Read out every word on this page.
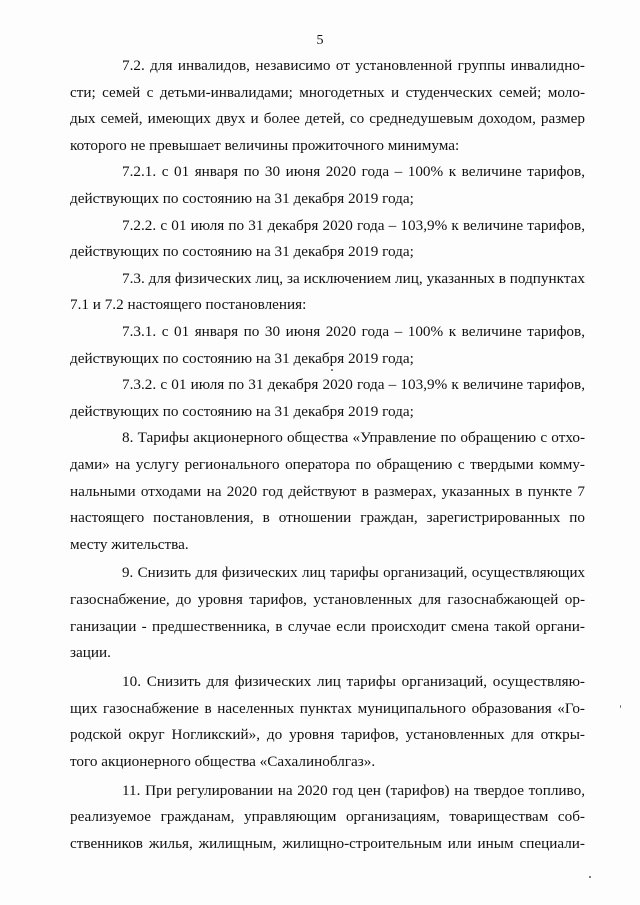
5
7.2. для инвалидов, независимо от установленной группы инвалидно-
сти; семей с детьми-инвалидами; многодетных и студенческих семей; моло-
дых семей, имеющих двух и более детей, со среднедушевым доходом, размер
которого не превышает величины прожиточного минимума:
7.2.1. с 01 января по 30 июня 2020 года – 100% к величине тарифов,
действующих по состоянию на 31 декабря 2019 года;
7.2.2. с 01 июля по 31 декабря 2020 года – 103,9% к величине тарифов,
действующих по состоянию на 31 декабря 2019 года;
7.3. для физических лиц, за исключением лиц, указанных в подпунктах
7.1 и 7.2 настоящего постановления:
7.3.1. с 01 января по 30 июня 2020 года – 100% к величине тарифов,
действующих по состоянию на 31 декабря 2019 года;
7.3.2. с 01 июля по 31 декабря 2020 года – 103,9% к величине тарифов,
действующих по состоянию на 31 декабря 2019 года;
8. Тарифы акционерного общества «Управление по обращению с отхо-
дами» на услугу регионального оператора по обращению с твердыми комму-
нальными отходами на 2020 год действуют в размерах, указанных в пункте 7
настоящего постановления, в отношении граждан, зарегистрированных по
месту жительства.
9. Снизить для физических лиц тарифы организаций, осуществляющих
газоснабжение, до уровня тарифов, установленных для газоснабжающей ор-
ганизации - предшественника, в случае если происходит смена такой органи-
зации.
10. Снизить для физических лиц тарифы организаций, осуществляю-
щих газоснабжение в населенных пунктах муниципального образования «Го-
родской округ Ногликский», до уровня тарифов, установленных для откры-
того акционерного общества «Сахалиноблгаз».
11. При регулировании на 2020 год цен (тарифов) на твердое топливо,
реализуемое гражданам, управляющим организациям, товариществам соб-
ственников жилья, жилищным, жилищно-строительным или иным специали-
